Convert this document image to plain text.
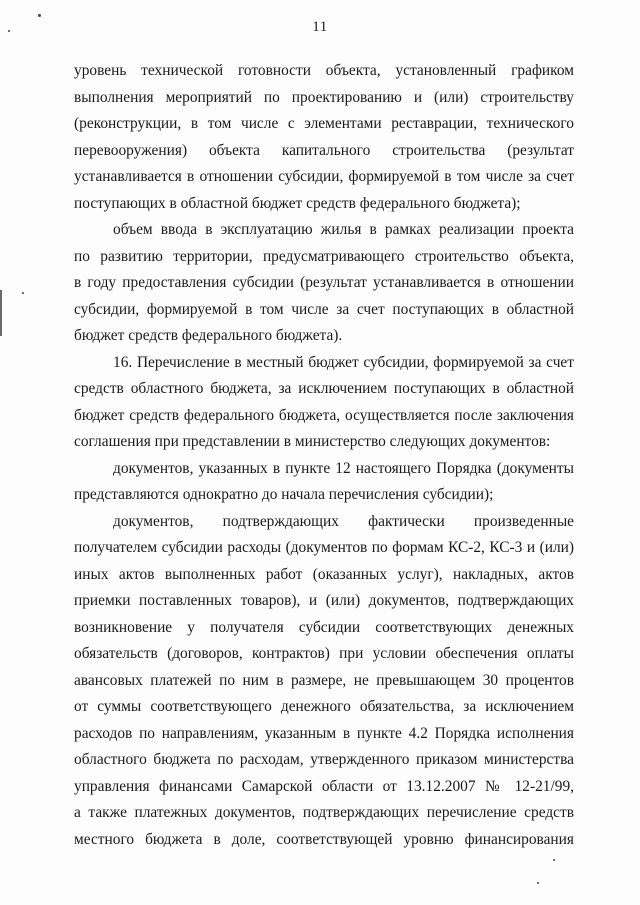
11
уровень технической готовности объекта, установленный графиком
выполнения мероприятий по проектированию и (или) строительству
(реконструкции, в том числе с элементами реставрации, технического
перевооружения) объекта капитального строительства (результат
устанавливается в отношении субсидии, формируемой в том числе за счет
поступающих в областной бюджет средств федерального бюджета);
объем ввода в эксплуатацию жилья в рамках реализации проекта
по развитию территории, предусматривающего строительство объекта,
в году предоставления субсидии (результат устанавливается в отношении
субсидии, формируемой в том числе за счет поступающих в областной
бюджет средств федерального бюджета).
16. Перечисление в местный бюджет субсидии, формируемой за счет
средств областного бюджета, за исключением поступающих в областной
бюджет средств федерального бюджета, осуществляется после заключения
соглашения при представлении в министерство следующих документов:
документов, указанных в пункте 12 настоящего Порядка (документы
представляются однократно до начала перечисления субсидии);
документов, подтверждающих фактически произведенные
получателем субсидии расходы (документов по формам КС-2, КС-3 и (или)
иных актов выполненных работ (оказанных услуг), накладных, актов
приемки поставленных товаров), и (или) документов, подтверждающих
возникновение у получателя субсидии соответствующих денежных
обязательств (договоров, контрактов) при условии обеспечения оплаты
авансовых платежей по ним в размере, не превышающем 30 процентов
от суммы соответствующего денежного обязательства, за исключением
расходов по направлениям, указанным в пункте 4.2 Порядка исполнения
областного бюджета по расходам, утвержденного приказом министерства
управления финансами Самарской области от 13.12.2007 № 12-21/99,
а также платежных документов, подтверждающих перечисление средств
местного бюджета в доле, соответствующей уровню финансирования
